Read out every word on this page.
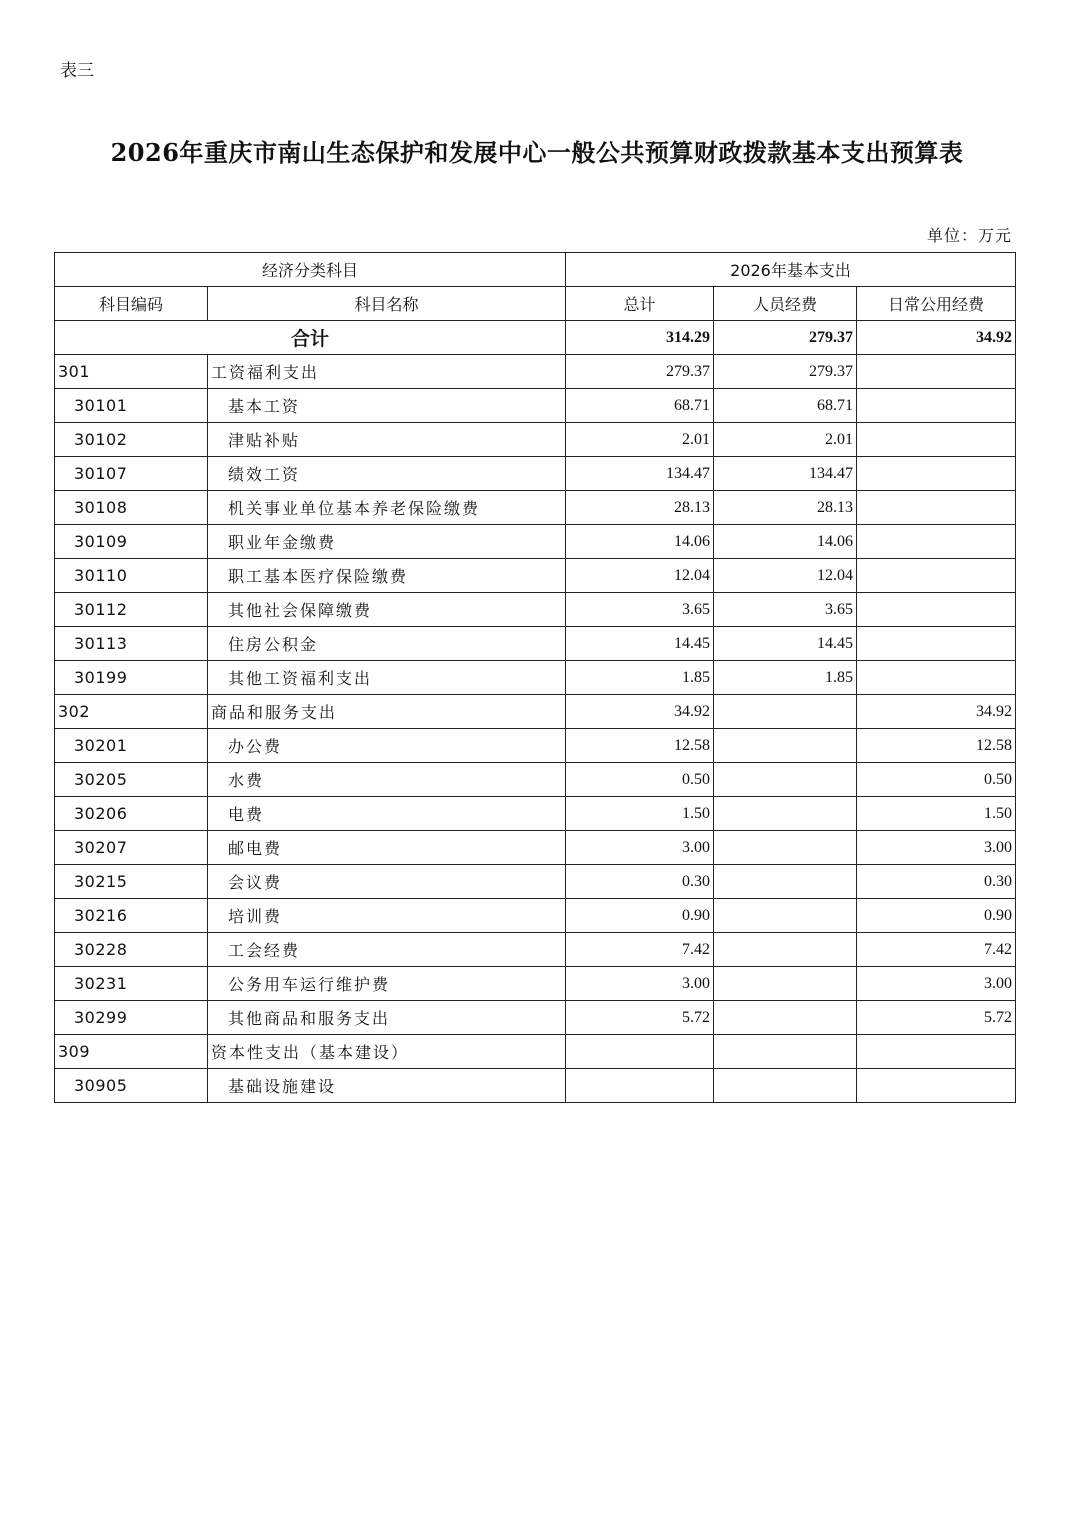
表三
2026年重庆市南山生态保护和发展中心一般公共预算财政拨款基本支出预算表
单位：万元
经济分类科目		2026年基本支出		
科目编码	科目名称	总计	人员经费	日常公用经费
合计		314.29	279.37	34.92
301	工资福利支出	279.37	279.37	
30101	基本工资	68.71	68.71	
30102	津贴补贴	2.01	2.01	
30107	绩效工资	134.47	134.47	
30108	机关事业单位基本养老保险缴费	28.13	28.13	
30109	职业年金缴费	14.06	14.06	
30110	职工基本医疗保险缴费	12.04	12.04	
30112	其他社会保障缴费	3.65	3.65	
30113	住房公积金	14.45	14.45	
30199	其他工资福利支出	1.85	1.85	
302	商品和服务支出	34.92		34.92
30201	办公费	12.58		12.58
30205	水费	0.50		0.50
30206	电费	1.50		1.50
30207	邮电费	3.00		3.00
30215	会议费	0.30		0.30
30216	培训费	0.90		0.90
30228	工会经费	7.42		7.42
30231	公务用车运行维护费	3.00		3.00
30299	其他商品和服务支出	5.72		5.72
309	资本性支出（基本建设）			
30905	基础设施建设			
